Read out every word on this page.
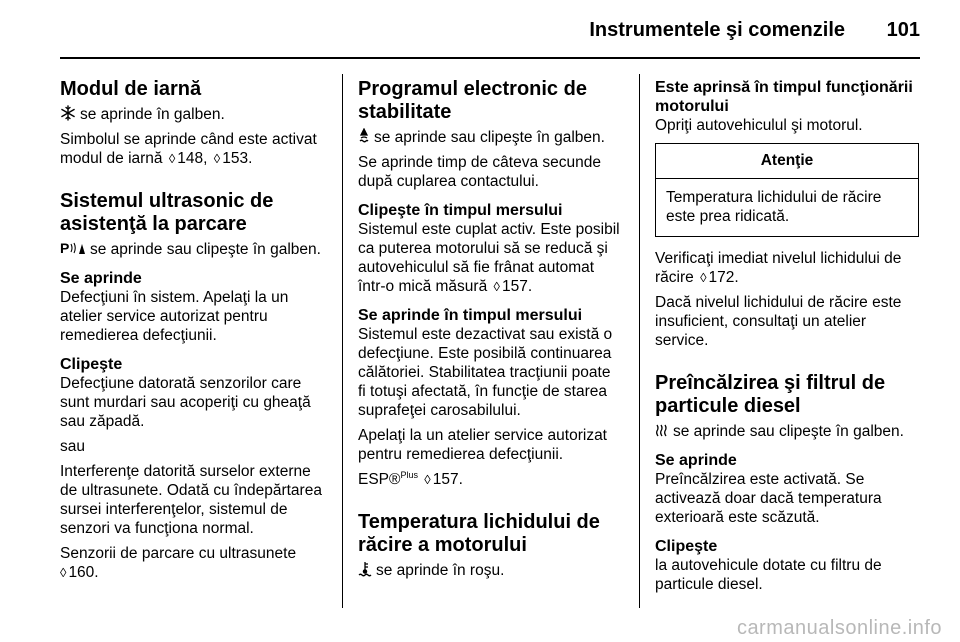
Instrumentele şi comenzile 101
Modul de iarnă

se aprinde în galben.

Simbolul se aprinde când este activat modul de iarnă ◊ 148, ◊ 153.

Sistemul ultrasonic de asistenţă la parcare

P se aprinde sau clipeşte în galben.

Se aprinde

Defecţiuni în sistem. Apelaţi la un atelier service autorizat pentru remedierea defecţiunii.

Clipeşte

Defecţiune datorată senzorilor care sunt murdari sau acoperiţi cu gheaţă sau zăpadă.

sau

Interferenţe datorită surselor externe de ultrasunete. Odată cu îndepărtarea sursei interferenţelor, sistemul de senzori va funcţiona normal.

Senzorii de parcare cu ultrasunete
◊ 160.

Programul electronic de stabilitate

se aprinde sau clipeşte în galben.

Se aprinde timp de câteva secunde după cuplarea contactului.

Clipeşte în timpul mersului

Sistemul este cuplat activ. Este posibil ca puterea motorului să se reducă şi autovehiculul să fie frânat automat într-o mică măsură ◊ 157.

Se aprinde în timpul mersului

Sistemul este dezactivat sau există o defecţiune. Este posibilă continuarea călătoriei. Stabilitatea tracţiunii poate fi totuşi afectată, în funcţie de starea suprafeţei carosabilului.

Apelaţi la un atelier service autorizat pentru remedierea defecţiunii.

ESP®$^{Plus}$ ◊ 157.

Temperatura lichidului de răcire a motorului

se aprinde în roşu.

Este aprinsă în timpul funcţionării motorului

Opriţi autovehiculul şi motorul.

Atenţie
Temperatura lichidului de răcire este prea ridicată.

Verificaţi imediat nivelul lichidului de răcire ◊ 172.

Dacă nivelul lichidului de răcire este insuficient, consultaţi un atelier service.

Preîncălzirea şi filtrul de particule diesel

se aprinde sau clipeşte în galben.

Se aprinde

Preîncălzirea este activată. Se activează doar dacă temperatura exterioară este scăzută.

Clipeşte

la autovehicule dotate cu filtru de particule diesel.

carmanualsonline.info
